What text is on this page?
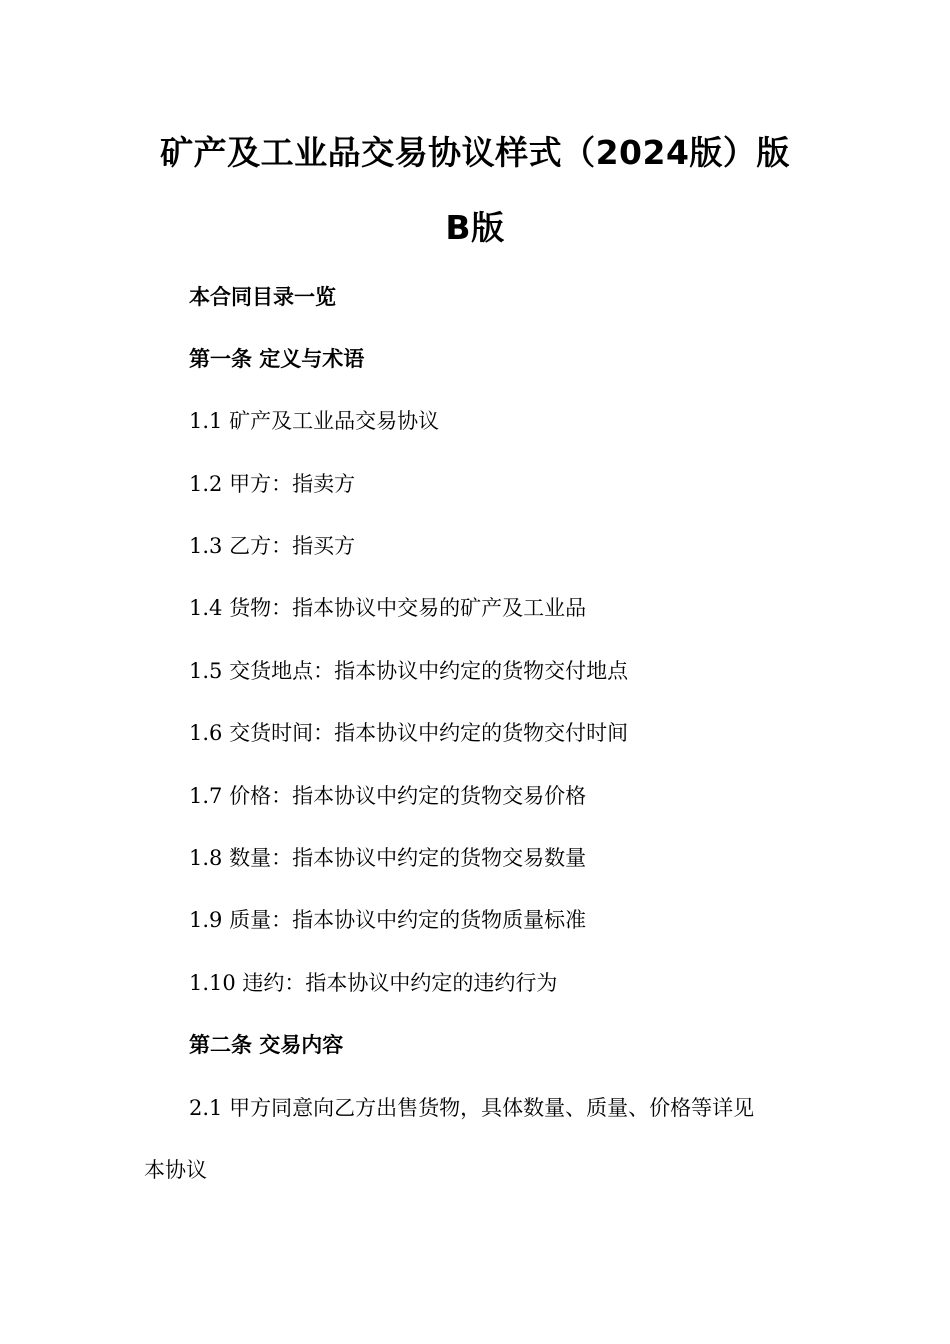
矿产及工业品交易协议样式（2024版）版
B版
本合同目录一览
第一条 定义与术语
1.1 矿产及工业品交易协议
1.2 甲方：指卖方
1.3 乙方：指买方
1.4 货物：指本协议中交易的矿产及工业品
1.5 交货地点：指本协议中约定的货物交付地点
1.6 交货时间：指本协议中约定的货物交付时间
1.7 价格：指本协议中约定的货物交易价格
1.8 数量：指本协议中约定的货物交易数量
1.9 质量：指本协议中约定的货物质量标准
1.10 违约：指本协议中约定的违约行为
第二条 交易内容
2.1 甲方同意向乙方出售货物，具体数量、质量、价格等详见
本协议
